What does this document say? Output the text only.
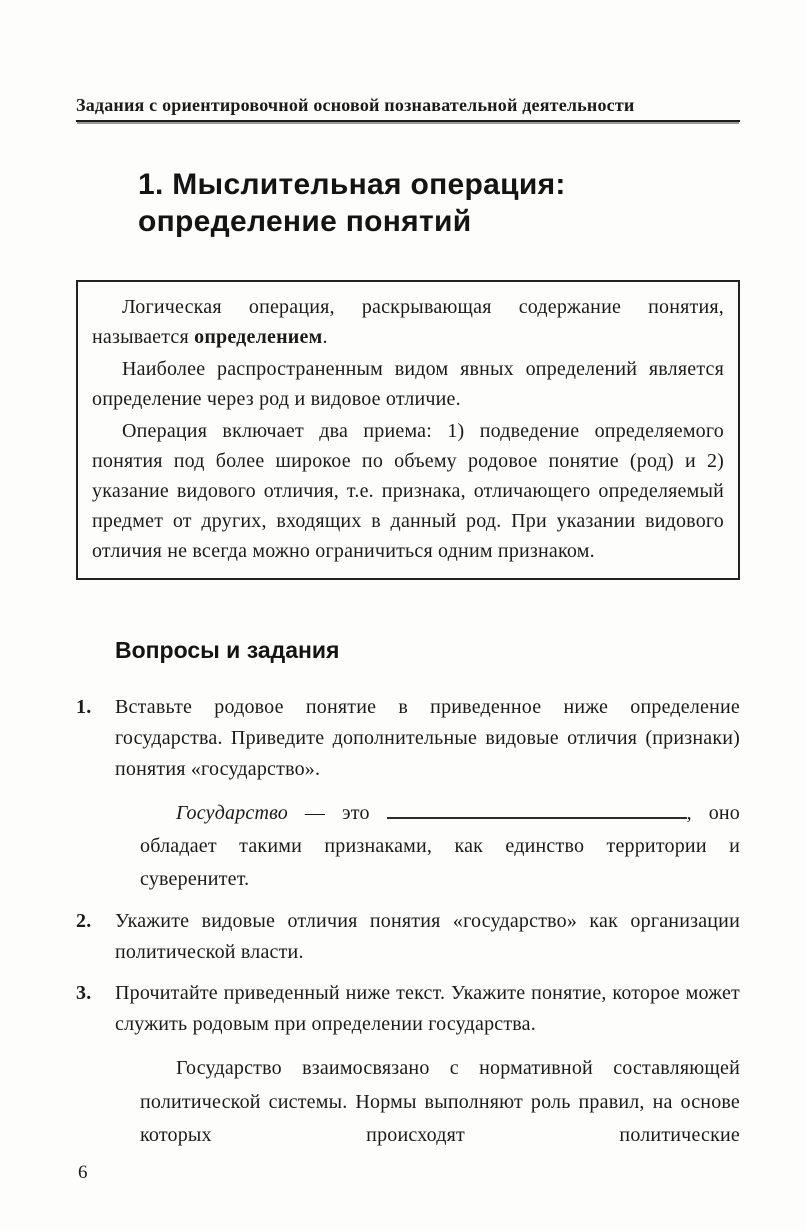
Задания с ориентировочной основой познавательной деятельности
1. Мыслительная операция:
определение понятий

Логическая операция, раскрывающая содержание понятия, называется определением.

Наиболее распространенным видом явных определений является определение через род и видовое отличие.

Операция включает два приема: 1) подведение определяемого понятия под более широкое по объему родовое понятие (род) и 2) указание видового отличия, т.е. признака, отличающего определяемый предмет от других, входящих в данный род. При указании видового отличия не всегда можно ограничиться одним признаком.

Вопросы и задания
1.	Вставьте родовое понятие в приведенное ниже определение государства. Приведите дополнительные видовые отличия (признаки) понятия «государство».

Государство — это	, оно обладает такими признаками, как единство территории и суверенитет.

2.	Укажите видовые отличия понятия «государство» как организации политической власти.
3.	Прочитайте приведенный ниже текст. Укажите понятие, которое может служить родовым при определении государства.

Государство взаимосвязано с нормативной составляющей политической системы. Нормы выполняют роль правил, на основе которых происходят политические

6
